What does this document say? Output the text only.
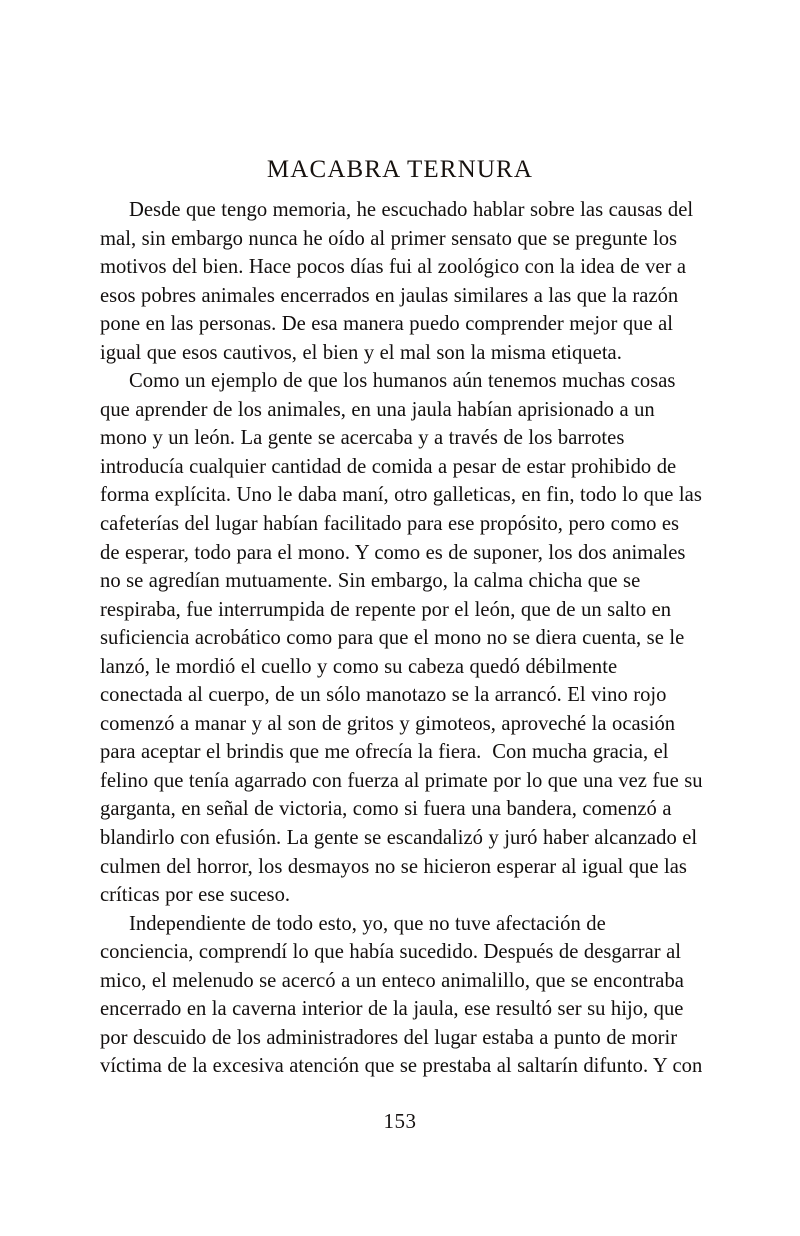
MACABRA TERNURA

Desde que tengo memoria, he escuchado hablar sobre las causas del mal, sin embargo nunca he oído al primer sensato que se pregunte los motivos del bien. Hace pocos días fui al zoológico con la idea de ver a esos pobres animales encerrados en jaulas similares a las que la razón pone en las personas. De esa manera puedo comprender mejor que al igual que esos cautivos, el bien y el mal son la misma etiqueta.

Como un ejemplo de que los humanos aún tenemos muchas cosas que aprender de los animales, en una jaula habían aprisionado a un mono y un león. La gente se acercaba y a través de los barrotes introducía cualquier cantidad de comida a pesar de estar prohibido de forma explícita. Uno le daba maní, otro galleticas, en fin, todo lo que las cafeterías del lugar habían facilitado para ese propósito, pero como es de esperar, todo para el mono. Y como es de suponer, los dos animales no se agredían mutuamente. Sin embargo, la calma chicha que se respiraba, fue interrumpida de repente por el león, que de un salto en suficiencia acrobático como para que el mono no se diera cuenta, se le lanzó, le mordió el cuello y como su cabeza quedó débilmente conectada al cuerpo, de un sólo manotazo se la arrancó. El vino rojo comenzó a manar y al son de gritos y gimoteos, aproveché la ocasión para aceptar el brindis que me ofrecía la fiera.  Con mucha gracia, el felino que tenía agarrado con fuerza al primate por lo que una vez fue su garganta, en señal de victoria, como si fuera una bandera, comenzó a blandirlo con efusión. La gente se escandalizó y juró haber alcanzado el culmen del horror, los desmayos no se hicieron esperar al igual que las críticas por ese suceso.

Independiente de todo esto, yo, que no tuve afectación de conciencia, comprendí lo que había sucedido. Después de desgarrar al mico, el melenudo se acercó a un enteco animalillo, que se encontraba encerrado en la caverna interior de la jaula, ese resultó ser su hijo, que por descuido de los administradores del lugar estaba a punto de morir víctima de la excesiva atención que se prestaba al saltarín difunto. Y con

153
